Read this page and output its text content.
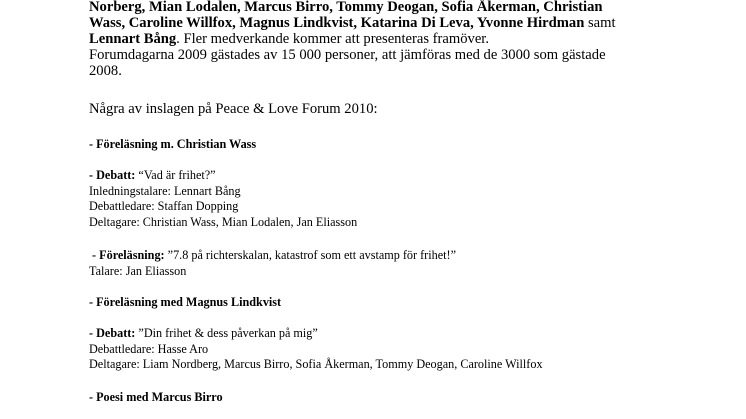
Norberg, Mian Lodalen, Marcus Birro, Tommy Deogan, Sofia Åkerman, Christian
Wass, Caroline Willfox, Magnus Lindkvist, Katarina Di Leva, Yvonne Hirdman samt
Lennart Bång. Fler medverkande kommer att presenteras framöver.
Forumdagarna 2009 gästades av 15 000 personer, att jämföras med de 3000 som gästade
2008.
Några av inslagen på Peace & Love Forum 2010:
- Föreläsning m. Christian Wass
- Debatt: “Vad är frihet?”
Inledningstalare: Lennart Bång
Debattledare: Staffan Dopping
Deltagare: Christian Wass, Mian Lodalen, Jan Eliasson
- Föreläsning: ”7.8 på richterskalan, katastrof som ett avstamp för frihet!”
Talare: Jan Eliasson
- Föreläsning med Magnus Lindkvist
- Debatt: ”Din frihet & dess påverkan på mig”
Debattledare: Hasse Aro
Deltagare: Liam Nordberg, Marcus Birro, Sofia Åkerman, Tommy Deogan, Caroline Willfox
- Poesi med Marcus Birro
